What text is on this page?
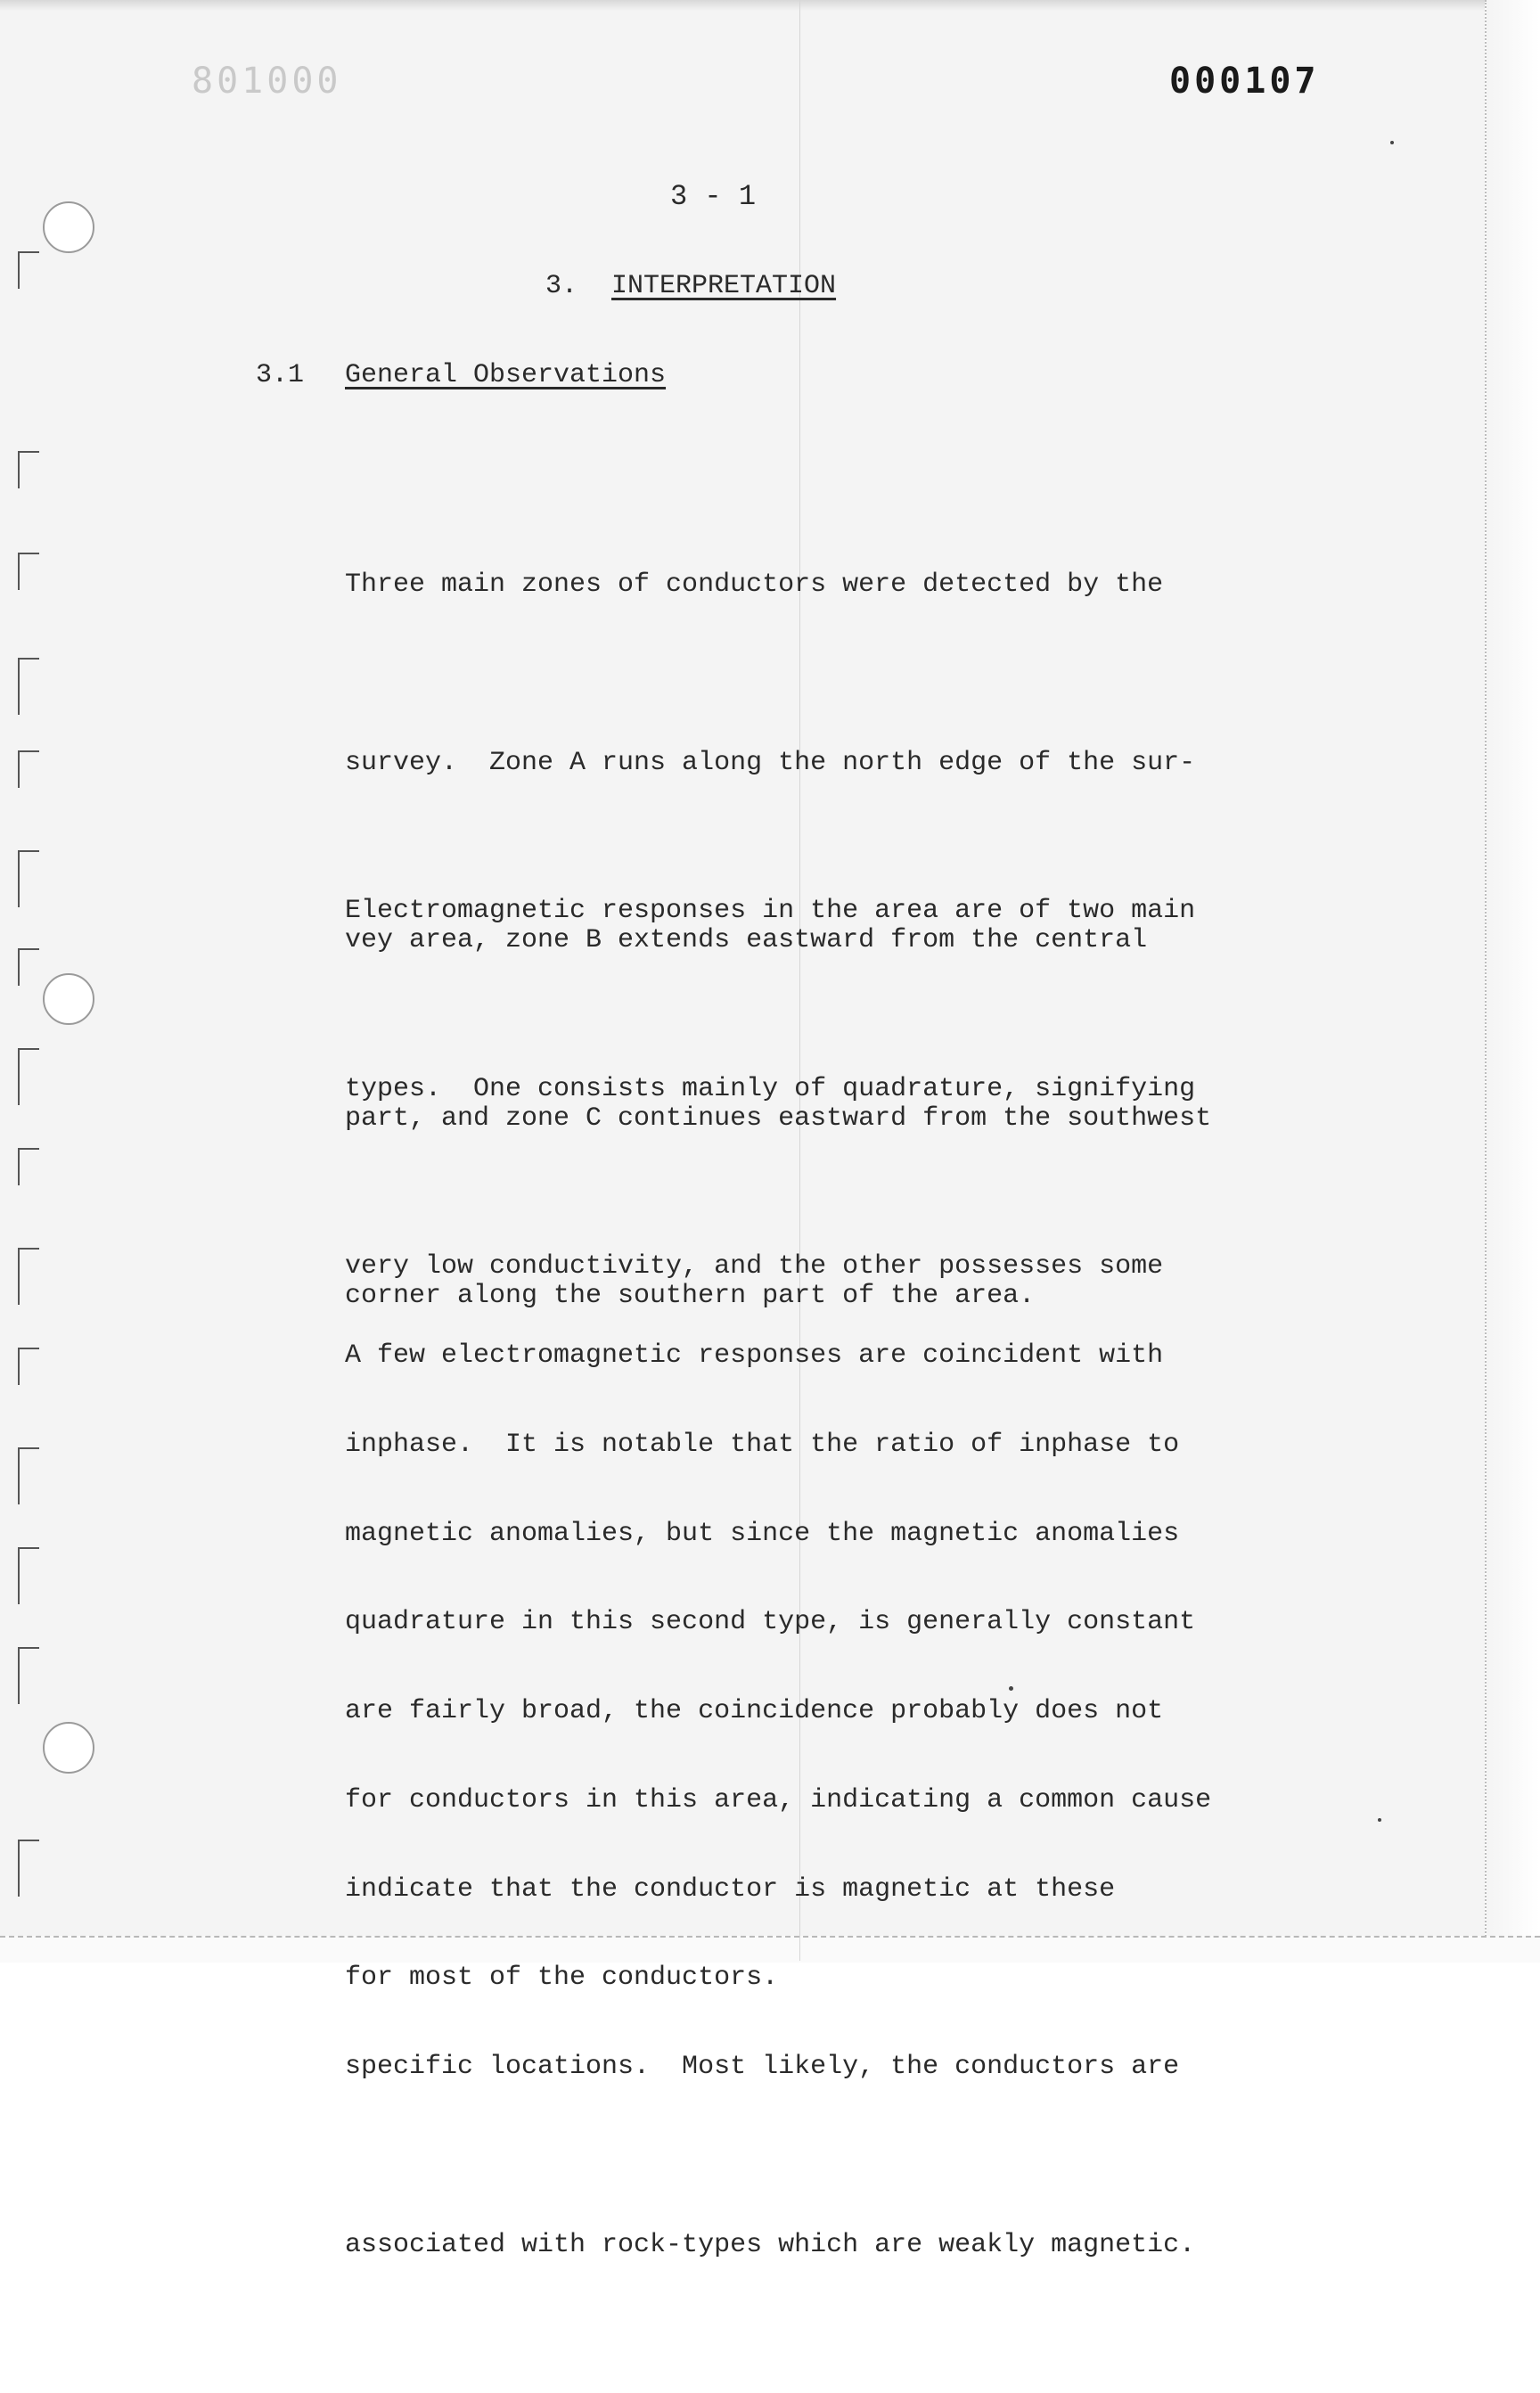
801000	000107
3 - 1
3. INTERPRETATION
3.1 General Observations

Three main zones of conductors were detected by the

survey.  Zone A runs along the north edge of the sur-

vey area, zone B extends eastward from the central

part, and zone C continues eastward from the southwest

corner along the southern part of the area.

Electromagnetic responses in the area are of two main

types.  One consists mainly of quadrature, signifying

very low conductivity, and the other possesses some

inphase.  It is notable that the ratio of inphase to

quadrature in this second type, is generally constant

for conductors in this area, indicating a common cause

for most of the conductors.

A few electromagnetic responses are coincident with

magnetic anomalies, but since the magnetic anomalies

are fairly broad, the coincidence probably does not

indicate that the conductor is magnetic at these

specific locations.  Most likely, the conductors are

associated with rock-types which are weakly magnetic.
